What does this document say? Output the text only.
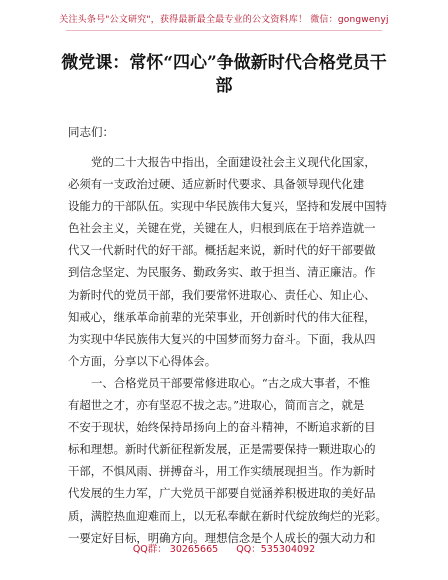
关注头条号"公文研究"，获得最新最全最专业的公文资料库！ 微信：gongwenyj
微党课：常怀“四心”争做新时代合格党员干
部
同志们：
党的二十大报告中指出，全面建设社会主义现代化国家，
必须有一支政治过硬、适应新时代要求、具备领导现代化建
设能力的干部队伍。实现中华民族伟大复兴，坚持和发展中国特
色社会主义，关键在党，关键在人，归根到底在于培养造就一
代又一代新时代的好干部。概括起来说，新时代的好干部要做
到信念坚定、为民服务、勤政务实、敢于担当、清正廉洁。作
为新时代的党员干部，我们要常怀进取心、责任心、知止心、
知戒心，继承革命前辈的光荣事业，开创新时代的伟大征程，
为实现中华民族伟大复兴的中国梦而努力奋斗。下面，我从四
个方面，分享以下心得体会。
一、合格党员干部要常修进取心。“古之成大事者，不惟
有超世之才，亦有坚忍不拔之志。”进取心，简而言之，就是
不安于现状，始终保持昂扬向上的奋斗精神，不断追求新的目
标和理想。新时代新征程新发展，正是需要保持一颗进取心的
干部，不惧风雨、拼搏奋斗，用工作实绩展现担当。作为新时
代发展的生力军，广大党员干部要自觉涵养积极进取的美好品
质，满腔热血迎难而上，以无私奉献在新时代绽放绚烂的光彩。
一要定好目标，明确方向。理想信念是个人成长的强大动力和
QQ群： 30265665 QQ：535304092
